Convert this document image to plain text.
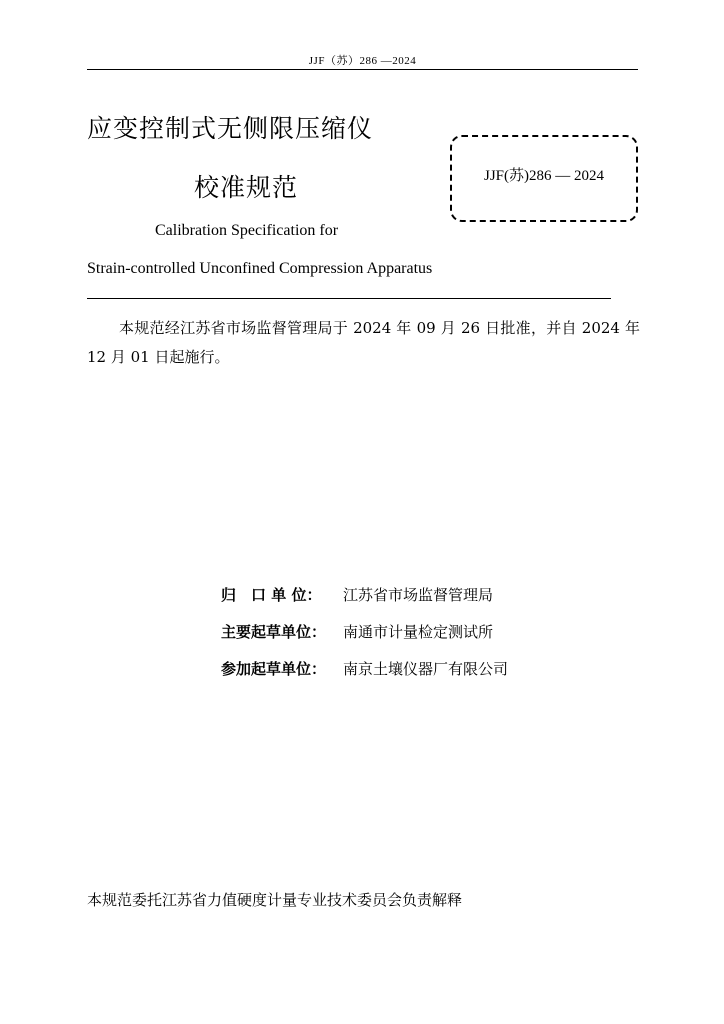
JJF（苏）286 —2024
应变控制式无侧限压缩仪
校准规范	JJF(苏)286 — 2024
Calibration Specification for
Strain-controlled Unconfined Compression Apparatus
本规范经江苏省市场监督管理局于 2024 年 09 月 26 日批准，并自 2024 年 12 月 01 日起施行。
归　口 单 位：	江苏省市场监督管理局
主要起草单位：	南通市计量检定测试所
参加起草单位：	南京土壤仪器厂有限公司
本规范委托江苏省力值硬度计量专业技术委员会负责解释
